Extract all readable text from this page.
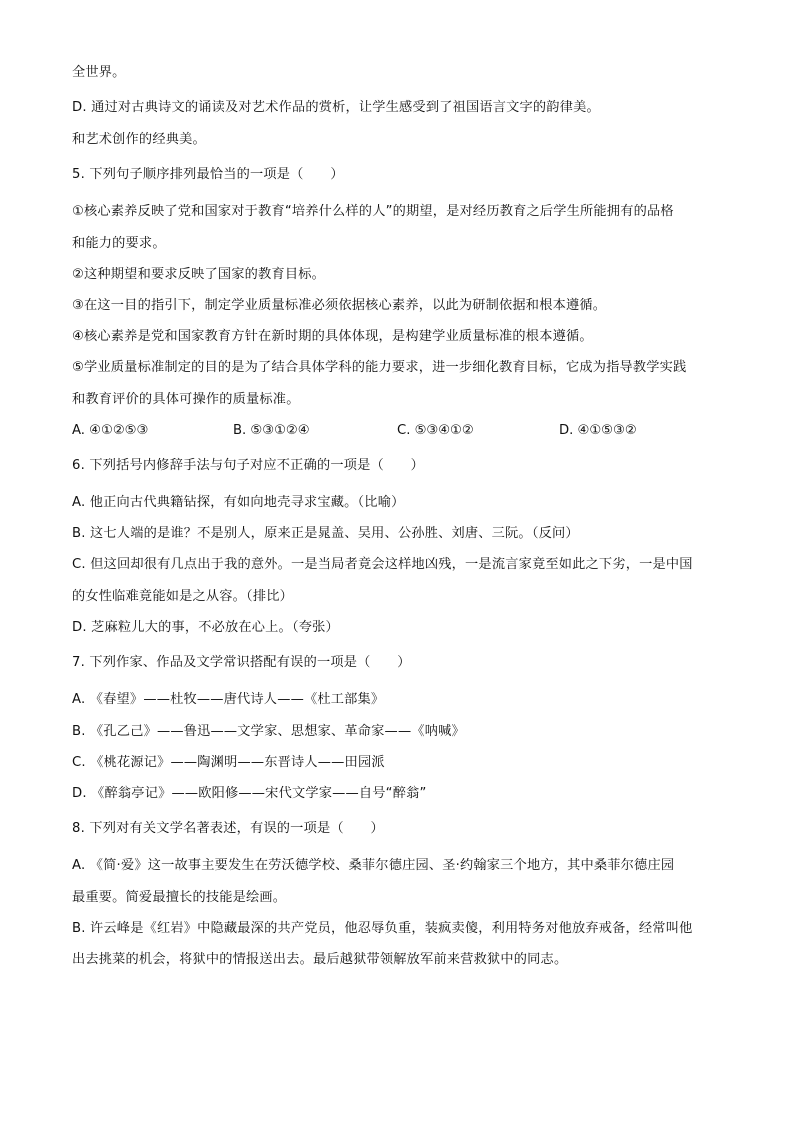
全世界。
D. 通过对古典诗文的诵读及对艺术作品的赏析，让学生感受到了祖国语言文字的韵律美。
和艺术创作的经典美。
5. 下列句子顺序排列最恰当的一项是（　　）
①核心素养反映了党和国家对于教育“培养什么样的人”的期望，是对经历教育之后学生所能拥有的品格
和能力的要求。
②这种期望和要求反映了国家的教育目标。
③在这一目的指引下，制定学业质量标准必须依据核心素养，以此为研制依据和根本遵循。
④核心素养是党和国家教育方针在新时期的具体体现，是构建学业质量标准的根本遵循。
⑤学业质量标准制定的目的是为了结合具体学科的能力要求，进一步细化教育目标，它成为指导教学实践
和教育评价的具体可操作的质量标准。
A. ④①②⑤③	B. ⑤③①②④	C. ⑤③④①②	D. ④①⑤③②
6. 下列括号内修辞手法与句子对应不正确的一项是（　　）
A. 他正向古代典籍钻探，有如向地壳寻求宝藏。（比喻）
B. 这七人端的是谁？不是别人，原来正是晁盖、吴用、公孙胜、刘唐、三阮。（反问）
C. 但这回却很有几点出于我的意外。一是当局者竟会这样地凶残，一是流言家竟至如此之下劣，一是中国
的女性临难竟能如是之从容。（排比）
D. 芝麻粒儿大的事，不必放在心上。（夸张）
7. 下列作家、作品及文学常识搭配有误的一项是（　　）
A. 《春望》——杜牧——唐代诗人——《杜工部集》
B. 《孔乙己》——鲁迅——文学家、思想家、革命家——《呐喊》
C. 《桃花源记》——陶渊明——东晋诗人——田园派
D. 《醉翁亭记》——欧阳修——宋代文学家——自号“醉翁”
8. 下列对有关文学名著表述，有误的一项是（　　）
A. 《简·爱》这一故事主要发生在劳沃德学校、桑菲尔德庄园、圣·约翰家三个地方，其中桑菲尔德庄园
最重要。简爱最擅长的技能是绘画。
B. 许云峰是《红岩》中隐藏最深的共产党员，他忍辱负重，装疯卖傻，利用特务对他放弃戒备，经常叫他
出去挑菜的机会，将狱中的情报送出去。最后越狱带领解放军前来营救狱中的同志。
